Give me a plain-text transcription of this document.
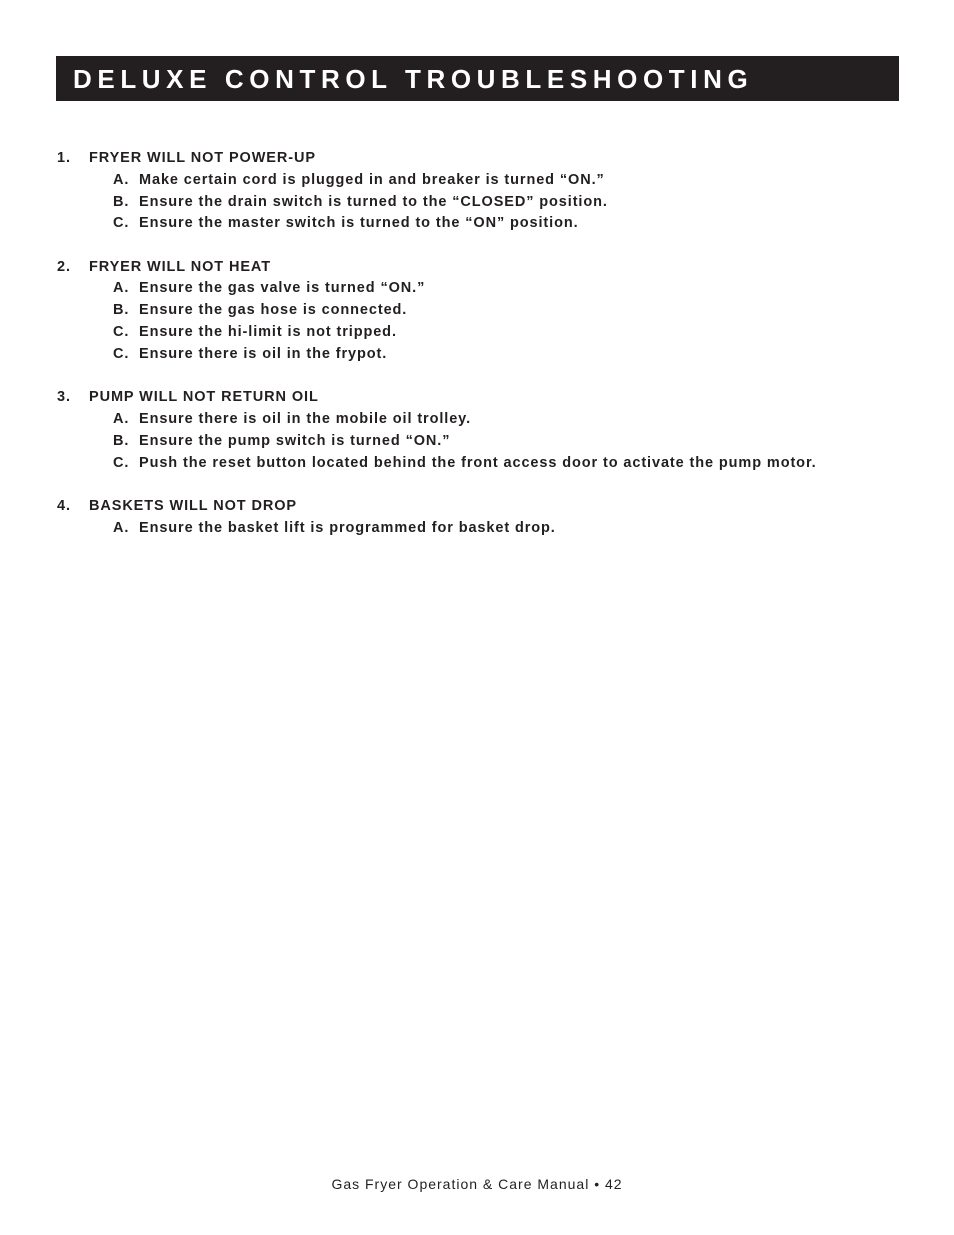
DELUXE CONTROL TROUBLESHOOTING
1.	FRYER WILL NOT POWER-UP
A. Make certain cord is plugged in and breaker is turned “ON.”
B. Ensure the drain switch is turned to the “CLOSED” position.
C. Ensure the master switch is turned to the “ON” position.
2.	FRYER WILL NOT HEAT
A. Ensure the gas valve is turned “ON.”
B. Ensure the gas hose is connected.
C. Ensure the hi-limit is not tripped.
C. Ensure there is oil in the frypot.
3.	PUMP WILL NOT RETURN OIL
A. Ensure there is oil in the mobile oil trolley.
B. Ensure the pump switch is turned “ON.”
C. Push the reset button located behind the front access door to activate the pump motor.
4.	BASKETS WILL NOT DROP
A. Ensure the basket lift is programmed for basket drop.
Gas Fryer Operation & Care Manual • 42
